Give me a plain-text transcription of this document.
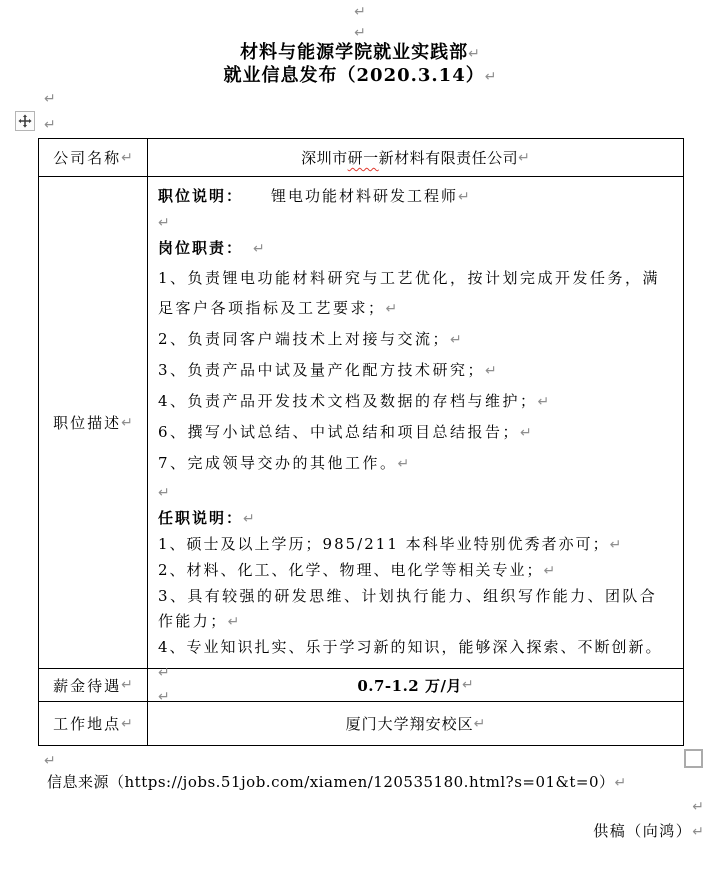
↵
↵
材料与能源学院就业实践部↵
就业信息发布（2020.3.14）↵
↵
↵
公司名称 ↵	深圳市 研一 新材料有限责任公司 ↵
职位描述 ↵

职位说明： 锂电功能材料研发工程师↵

↵

岗位职责： ↵

1、负责锂电功能材料研究与工艺优化，按计划完成开发任务，满足客户各项指标及工艺要求；↵

2、负责同客户端技术上对接与交流；↵

3、负责产品中试及量产化配方技术研究；↵

4、负责产品开发技术文档及数据的存档与维护；↵

6、撰写小试总结、中试总结和项目总结报告；↵

7、完成领导交办的其他工作。↵

↵

任职说明：↵

1、硕士及以上学历；985/211 本科毕业特别优秀者亦可；↵

2、材料、化工、化学、物理、电化学等相关专业；↵

3、具有较强的研发思维、计划执行能力、组织写作能力、团队合作能力；↵

4、专业知识扎实、乐于学习新的知识，能够深入探索、不断创新。↵

↵

薪金待遇 ↵	0.7-1.2 万/月 ↵
工作地点 ↵	厦门大学翔安校区 ↵
↵
信息来源（https://jobs.51job.com/xiamen/120535180.html?s=01&t=0）↵
↵
供稿（向鸿）↵
